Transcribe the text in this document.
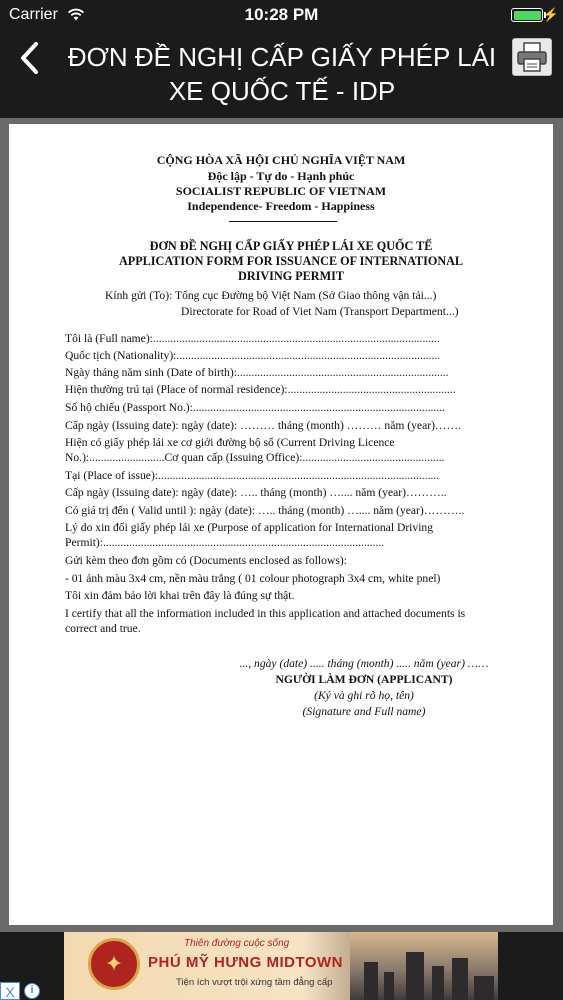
Carrier	10:28 PM	⚡
ĐƠN ĐỀ NGHỊ CẤP GIẤY PHÉP LÁI
XE QUỐC TẾ - IDP
CỘNG HÒA XÃ HỘI CHỦ NGHĨA VIỆT NAM
Độc lập - Tự do - Hạnh phúc
SOCIALIST REPUBLIC OF VIETNAM
Independence- Freedom - Happiness
ĐƠN ĐỀ NGHỊ CẤP GIẤY PHÉP LÁI XE QUỐC TẾ
APPLICATION FORM FOR ISSUANCE OF INTERNATIONAL
DRIVING PERMIT
Kính gửi (To): Tổng cục Đường bộ Việt Nam (Sở Giao thông vận tải...)
Directorate for Road of Viet Nam (Transport Department...)
Tôi là (Full name):...................................................................................................
Quốc tịch (Nationality):...........................................................................................
Ngày tháng năm sinh (Date of birth):.........................................................................
Hiện thường trú tại (Place of normal residence):..........................................................
Số hộ chiếu (Passport No.):.......................................................................................
Cấp ngày (Issuing date): ngày (date): ……… tháng (month) ……… năm (year)…….
Hiện có giấy phép lái xe cơ giới đường bộ số (Current Driving Licence
No.):..........................Cơ quan cấp (Issuing Office):.................................................
Tại (Place of issue):.................................................................................................
Cấp ngày (Issuing date): ngày (date): ….. tháng (month) ….... năm (year)………..
Có giá trị đến ( Valid until ): ngày (date): ….. tháng (month) ….... năm (year)………..
Lý do xin đổi giấy phép lái xe (Purpose of application for International Driving
Permit):.................................................................................................
Gửi kèm theo đơn gồm có (Documents enclosed as follows):
- 01 ảnh màu 3x4 cm, nền màu trắng ( 01 colour photograph 3x4 cm, white pnel)
Tôi xin đảm bảo lời khai trên đây là đúng sự thật.
I certify that all the information included in this application and attached documents is
correct and true.
..., ngày (date) ..... tháng (month) ..... năm (year) ……
NGƯỜI LÀM ĐƠN (APPLICANT)
(Ký và ghi rõ họ, tên)
(Signature and Full name)
✦
Thiên đường cuộc sống
PHÚ MỸ HƯNG MIDTOWN
Tiện ích vượt trội xứng tầm đẳng cấp
X	i
